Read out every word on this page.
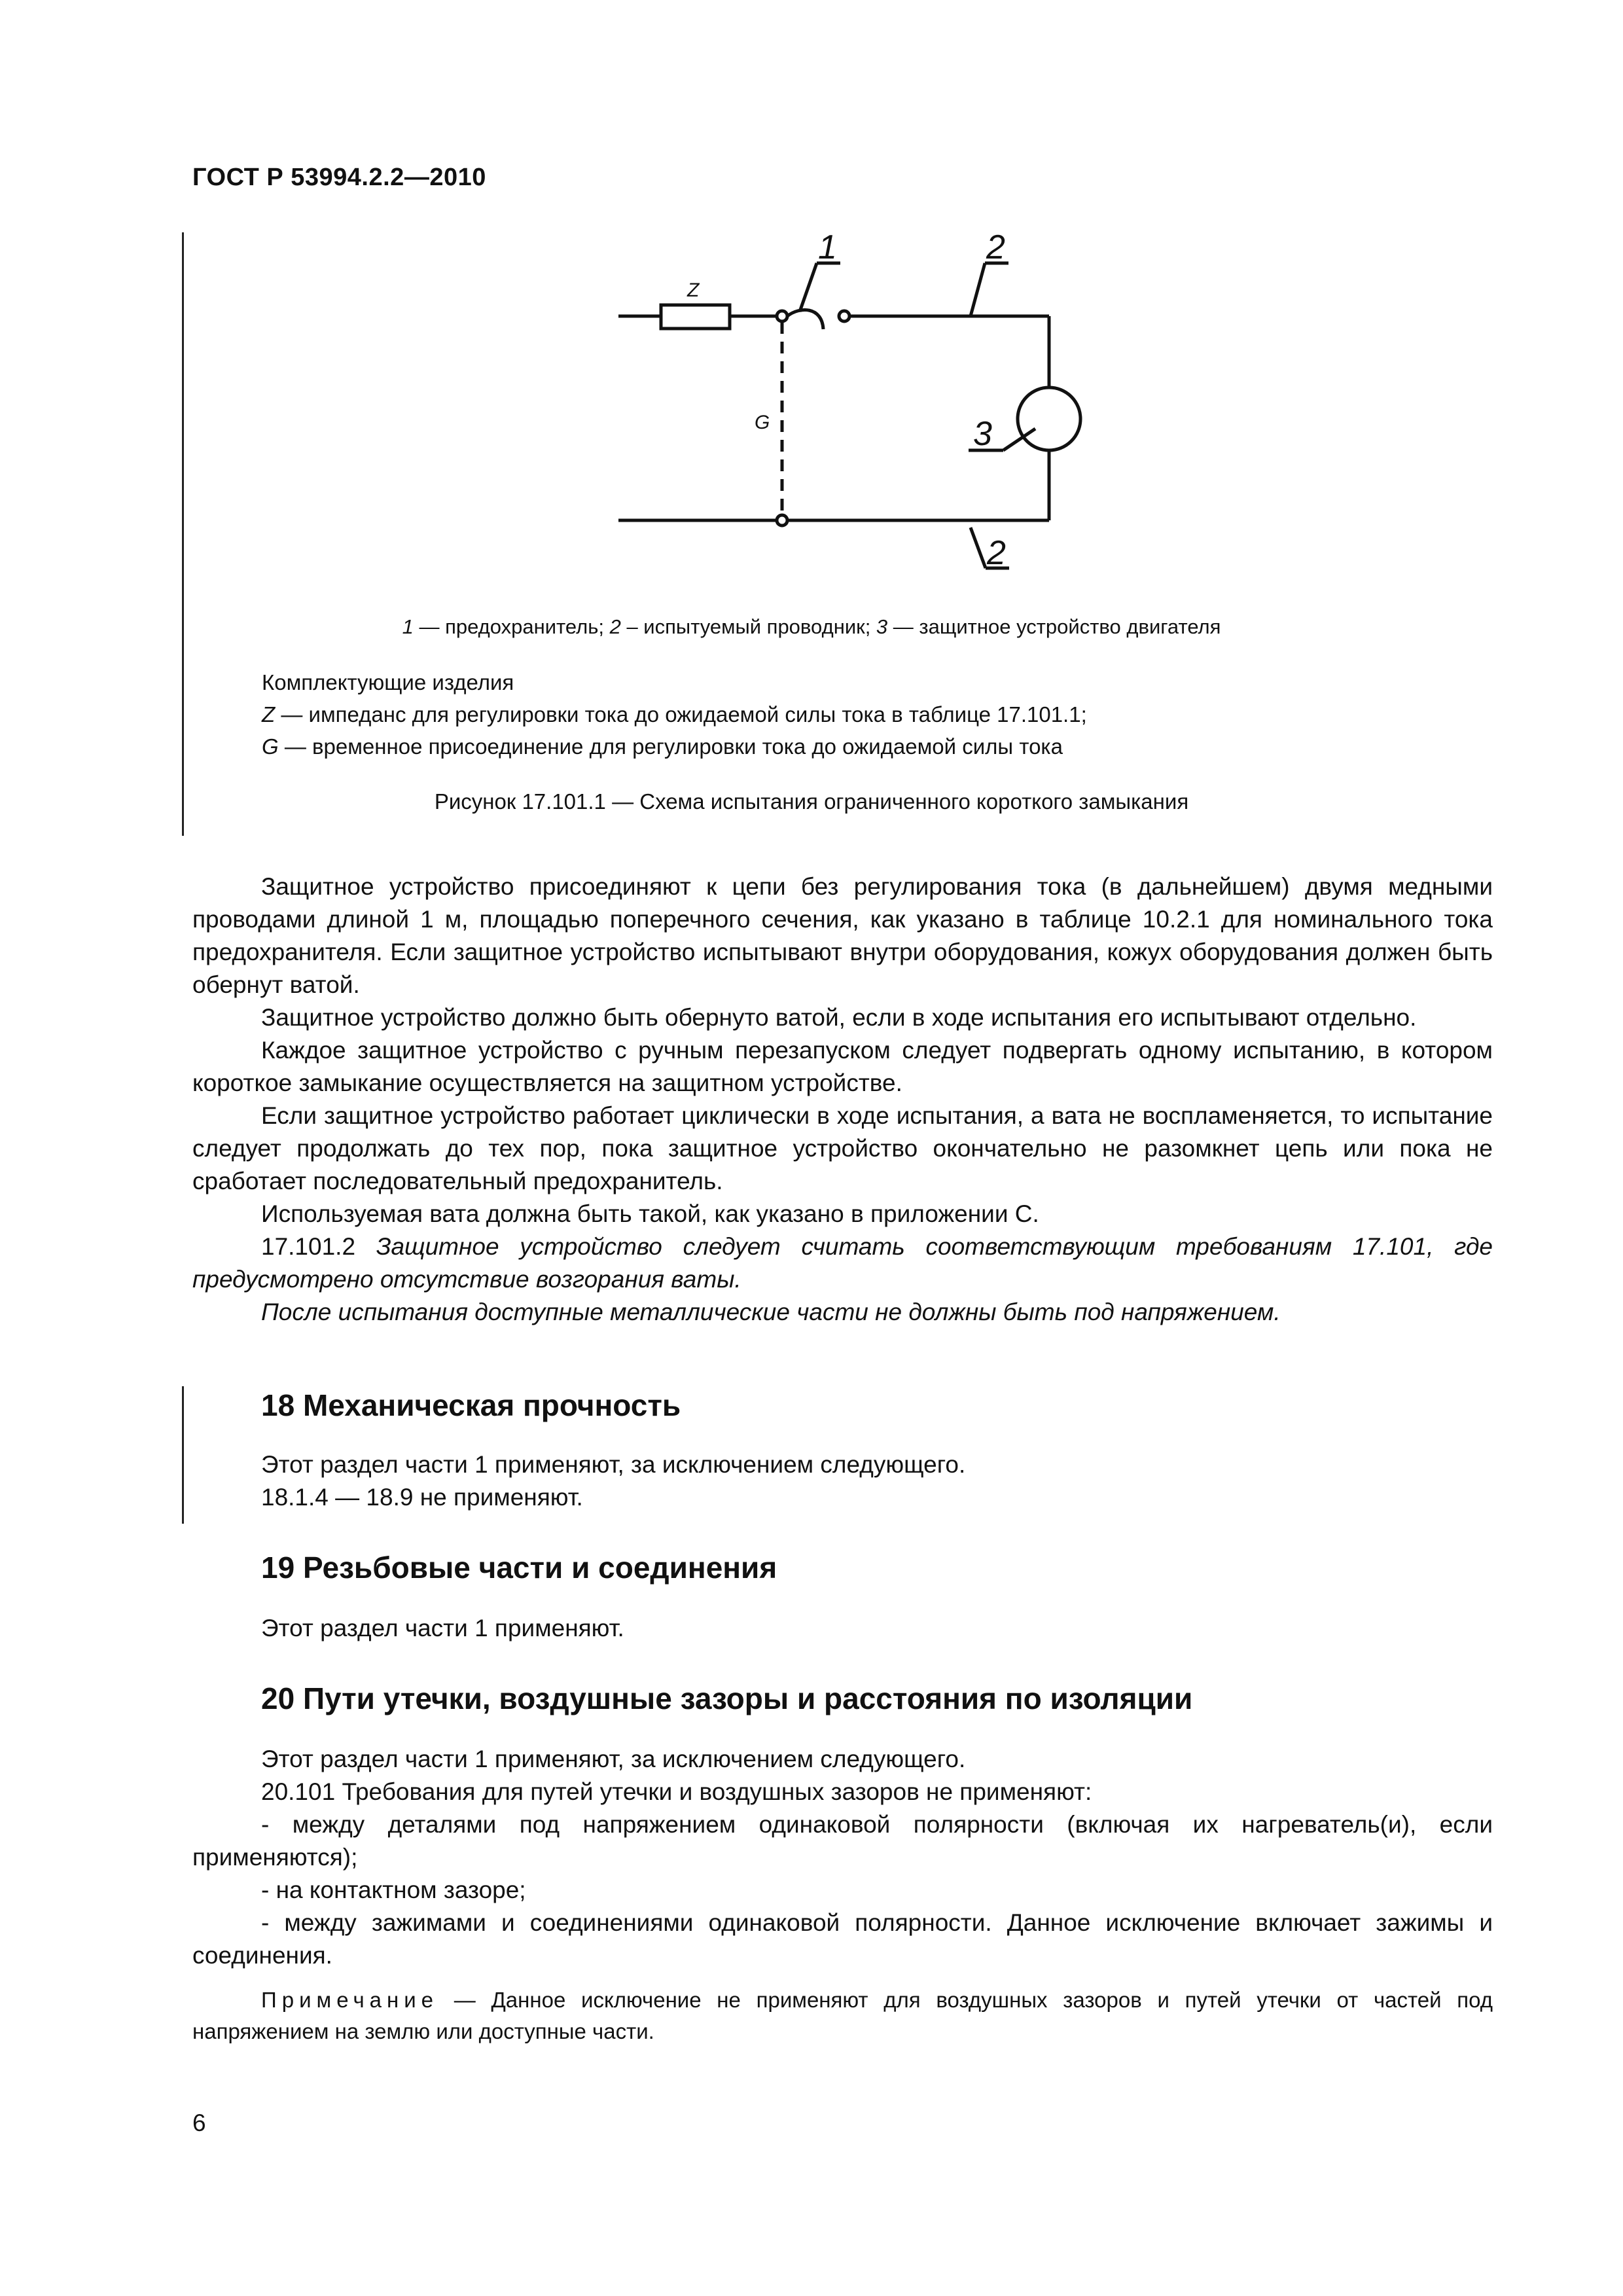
ГОСТ Р 53994.2.2—2010
Z
G
1	2
3
2
1 — предохранитель; 2 – испытуемый проводник; 3 — защитное устройство двигателя
Комплектующие изделия
Z — импеданс для регулировки тока до ожидаемой силы тока в таблице 17.101.1;
G — временное присоединение для регулировки тока до ожидаемой силы тока
Рисунок 17.101.1 — Схема испытания ограниченного короткого замыкания

Защитное устройство присоединяют к цепи без регулирования тока (в дальнейшем) двумя медными проводами длиной 1 м, площадью поперечного сечения, как указано в таблице 10.2.1 для номинального тока предохранителя. Если защитное устройство испытывают внутри оборудования, кожух оборудования должен быть обернут ватой.

Защитное устройство должно быть обернуто ватой, если в ходе испытания его испытывают отдельно.

Каждое защитное устройство с ручным перезапуском следует подвергать одному испытанию, в котором короткое замыкание осуществляется на защитном устройстве.

Если защитное устройство работает циклически в ходе испытания, а вата не воспламеняется, то испытание следует продолжать до тех пор, пока защитное устройство окончательно не разомкнет цепь или пока не сработает последовательный предохранитель.

Используемая вата должна быть такой, как указано в приложении С.

17.101.2 Защитное устройство следует считать соответствующим требованиям 17.101, где предусмотрено отсутствие возгорания ваты.

После испытания доступные металлические части не должны быть под напряжением.

18 Механическая прочность
Этот раздел части 1 применяют, за исключением следующего.
18.1.4 — 18.9 не применяют.
19 Резьбовые части и соединения
Этот раздел части 1 применяют.
20 Пути утечки, воздушные зазоры и расстояния по изоляции
Этот раздел части 1 применяют, за исключением следующего.
20.101 Требования для путей утечки и воздушных зазоров не применяют:

- между деталями под напряжением одинаковой полярности (включая их нагреватель(и), если применяются);

- на контактном зазоре;

- между зажимами и соединениями одинаковой полярности. Данное исключение включает зажимы и соединения.

Примечание — Данное исключение не применяют для воздушных зазоров и путей утечки от частей под напряжением на землю или доступные части.

6
